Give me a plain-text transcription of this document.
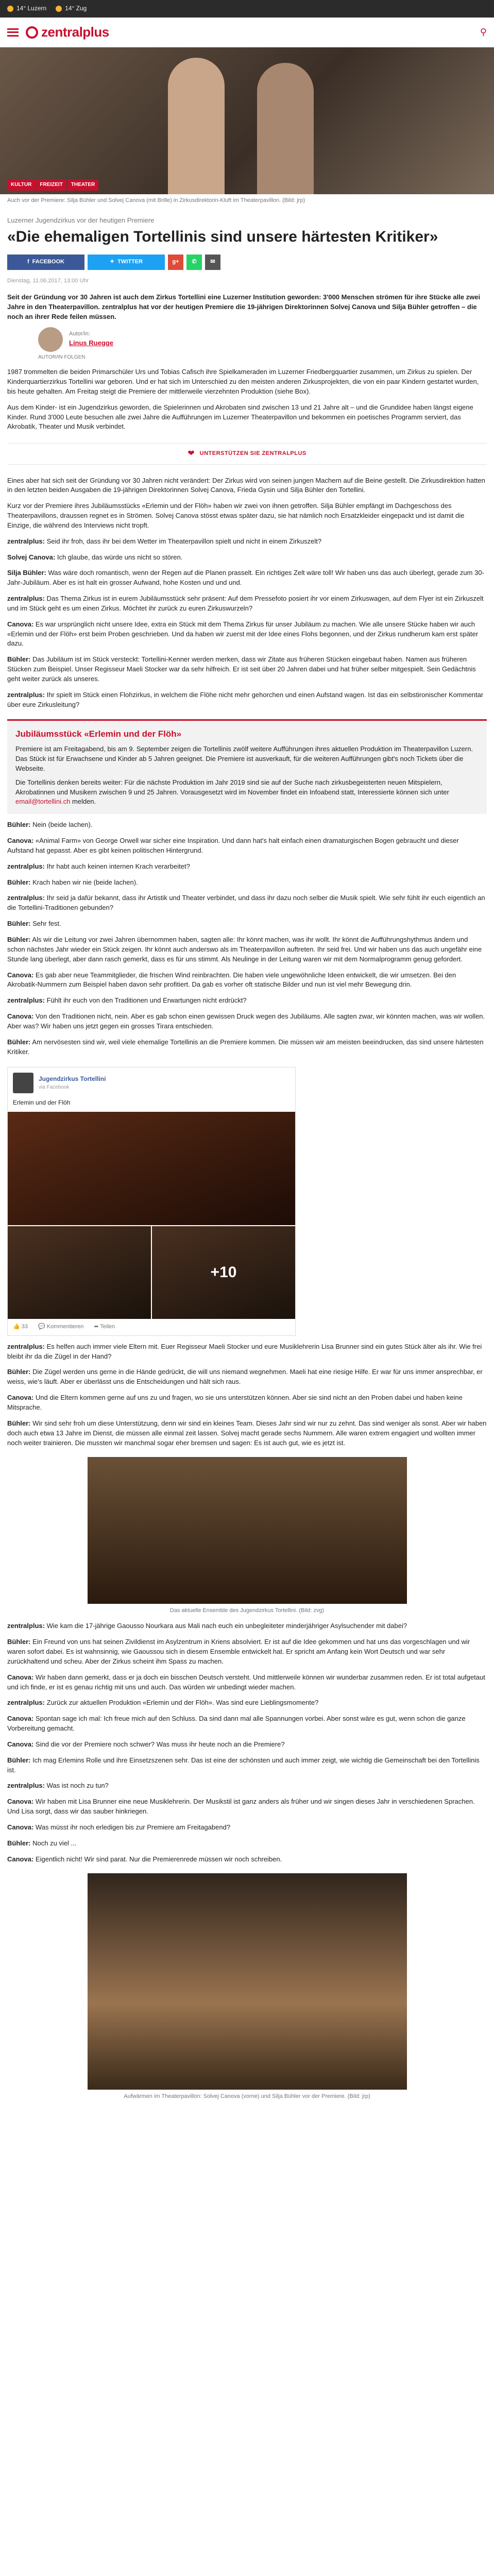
14° Luzern	14° Zug
zentralplus	⚲
KULTUR	FREIZEIT	THEATER
Auch vor der Premiere: Silja Bühler und Solvej Canova (mit Brille) in Zirkusdirektorin-Kluft im Theaterpavillon. (Bild: jrp)
Luzerner Jugendzirkus vor der heutigen Premiere
«Die ehemaligen Tortellinis sind unsere härtesten Kritiker»
f FACEBOOK	✦ TWITTER	g+ ✆ ✉
Dienstag, 11.06.2017, 13:00 Uhr
Seit der Gründung vor 30 Jahren ist auch dem Zirkus Tortellini eine Luzerner Institution geworden: 3'000 Menschen strömen für ihre Stücke alle zwei Jahre in den Theaterpavillon. zentralplus hat vor der heutigen Premiere die 19-jährigen Direktorinnen Solvej Canova und Silja Bühler getroffen – die noch an ihrer Rede feilen müssen.
Autor/in:
Linus Ruegge
AUTOR/IN FOLGEN

1987 trommelten die beiden Primarschüler Urs und Tobias Cafisch ihre Spielkameraden im Luzerner Friedbergquartier zusammen, um Zirkus zu spielen. Der Kinderquartierzirkus Tortellini war geboren. Und er hat sich im Unterschied zu den meisten anderen Zirkusprojekten, die von ein paar Kindern gestartet wurden, bis heute gehalten. Am Freitag steigt die Premiere der mittlerweile vierzehnten Produktion (siehe Box).

Aus dem Kinder- ist ein Jugendzirkus geworden, die Spielerinnen und Akrobaten sind zwischen 13 und 21 Jahre alt – und die Grundidee haben längst eigene Kinder. Rund 3'000 Leute besuchen alle zwei Jahre die Aufführungen im Luzerner Theaterpavillon und bekommen ein poetisches Programm serviert, das Akrobatik, Theater und Musik verbindet.

❤ UNTERSTÜTZEN SIE ZENTRALPLUS

Eines aber hat sich seit der Gründung vor 30 Jahren nicht verändert: Der Zirkus wird von seinen jungen Machern auf die Beine gestellt. Die Zirkusdirektion hatten in den letzten beiden Ausgaben die 19-jährigen Direktorinnen Solvej Canova, Frieda Gysin und Silja Bühler den Tortellini.

Kurz vor der Premiere ihres Jubiläumsstücks «Erlemin und der Flöh» haben wir zwei von ihnen getroffen. Silja Bühler empfängt im Dachgeschoss des Theaterpavillons, draussen regnet es in Strömen. Solvej Canova stösst etwas später dazu, sie hat nämlich noch Ersatzkleider eingepackt und ist damit die Einzige, die während des Interviews nicht tropft.

zentralplus: Seid ihr froh, dass ihr bei dem Wetter im Theaterpavillon spielt und nicht in einem Zirkuszelt?

Solvej Canova: Ich glaube, das würde uns nicht so stören.

Silja Bühler: Was wäre doch romantisch, wenn der Regen auf die Planen prasselt. Ein richtiges Zelt wäre toll! Wir haben uns das auch überlegt, gerade zum 30-Jahr-Jubiläum. Aber es ist halt ein grosser Aufwand, hohe Kosten und und und.

zentralplus: Das Thema Zirkus ist in eurem Jubiläumsstück sehr präsent: Auf dem Pressefoto posiert ihr vor einem Zirkuswagen, auf dem Flyer ist ein Zirkuszelt und im Stück geht es um einen Zirkus. Möchtet ihr zurück zu euren Zirkuswurzeln?

Canova: Es war ursprünglich nicht unsere Idee, extra ein Stück mit dem Thema Zirkus für unser Jubiläum zu machen. Wie alle unsere Stücke haben wir auch «Erlemin und der Flöh» erst beim Proben geschrieben. Und da haben wir zuerst mit der Idee eines Flohs begonnen, und der Zirkus rundherum kam erst später dazu.

Bühler: Das Jubiläum ist im Stück versteckt: Tortellini-Kenner werden merken, dass wir Zitate aus früheren Stücken eingebaut haben. Namen aus früheren Stücken zum Beispiel. Unser Regisseur Maeli Stocker war da sehr hilfreich. Er ist seit über 20 Jahren dabei und hat früher selber mitgespielt. Sein Gedächtnis geht weiter zurück als unseres.

zentralplus: Ihr spielt im Stück einen Flohzirkus, in welchem die Flöhe nicht mehr gehorchen und einen Aufstand wagen. Ist das ein selbstironischer Kommentar über eure Zirkusleitung?

Jubiläumsstück «Erlemin und der Flöh»

Premiere ist am Freitagabend, bis am 9. September zeigen die Tortellinis zwölf weitere Aufführungen ihres aktuellen Produktion im Theaterpavillon Luzern. Das Stück ist für Erwachsene und Kinder ab 5 Jahren geeignet. Die Premiere ist ausverkauft, für die weiteren Aufführungen gibt's noch Tickets über die Webseite.

Die Tortellinis denken bereits weiter: Für die nächste Produktion im Jahr 2019 sind sie auf der Suche nach zirkusbegeisterten neuen Mitspielern, Akrobatinnen und Musikern zwischen 9 und 25 Jahren. Vorausgesetzt wird im November findet ein Infoabend statt, Interessierte können sich unter email@tortellini.ch melden.

Bühler: Nein (beide lachen).

Canova: «Animal Farm» von George Orwell war sicher eine Inspiration. Und dann hat's halt einfach einen dramaturgischen Bogen gebraucht und dieser Aufstand hat gepasst. Aber es gibt keinen politischen Hintergrund.

zentralplus: Ihr habt auch keinen internen Krach verarbeitet?

Bühler: Krach haben wir nie (beide lachen).

zentralplus: Ihr seid ja dafür bekannt, dass ihr Artistik und Theater verbindet, und dass ihr dazu noch selber die Musik spielt. Wie sehr fühlt ihr euch eigentlich an die Tortellini-Traditionen gebunden?

Bühler: Sehr fest.

Bühler: Als wir die Leitung vor zwei Jahren übernommen haben, sagten alle: Ihr könnt machen, was ihr wollt. Ihr könnt die Aufführungshythmus ändern und schon nächstes Jahr wieder ein Stück zeigen. Ihr könnt auch anderswo als im Theaterpavillon auftreten. Ihr seid frei. Und wir haben uns das auch ungefähr eine Stunde lang überlegt, aber dann rasch gemerkt, dass es für uns stimmt. Als Neulinge in der Leitung waren wir mit dem Normalprogramm genug gefordert.

Canova: Es gab aber neue Teammitglieder, die frischen Wind reinbrachten. Die haben viele ungewöhnliche Ideen entwickelt, die wir umsetzen. Bei den Akrobatik-Nummern zum Beispiel haben davon sehr profitiert. Da gab es vorher oft statische Bilder und nun ist viel mehr Bewegung drin.

zentralplus: Fühlt ihr euch von den Traditionen und Erwartungen nicht erdrückt?

Canova: Von den Traditionen nicht, nein. Aber es gab schon einen gewissen Druck wegen des Jubiläums. Alle sagten zwar, wir könnten machen, was wir wollen. Aber was? Wir haben uns jetzt gegen ein grosses Tirara entschieden.

Bühler: Am nervösesten sind wir, weil viele ehemalige Tortellinis an die Premiere kommen. Die müssen wir am meisten beeindrucken, das sind unsere härtesten Kritiker.

Jugendzirkus Tortellini
via Facebook
Erlemin und der Flöh
+10
👍 33 💬 Kommentieren ➦ Teilen

zentralplus: Es helfen auch immer viele Eltern mit. Euer Regisseur Maeli Stocker und eure Musiklehrerin Lisa Brunner sind ein gutes Stück älter als ihr. Wie frei bleibt ihr da die Zügel in der Hand?

Bühler: Die Zügel werden uns gerne in die Hände gedrückt, die will uns niemand wegnehmen. Maeli hat eine riesige Hilfe. Er war für uns immer ansprechbar, er weiss, wie's läuft. Aber er überlässt uns die Entscheidungen und hält sich raus.

Canova: Und die Eltern kommen gerne auf uns zu und fragen, wo sie uns unterstützen können. Aber sie sind nicht an den Proben dabei und haben keine Mitsprache.

Bühler: Wir sind sehr froh um diese Unterstützung, denn wir sind ein kleines Team. Dieses Jahr sind wir nur zu zehnt. Das sind weniger als sonst. Aber wir haben doch auch etwa 13 Jahre im Dienst, die müssen alle einmal zeit lassen. Solvej macht gerade sechs Nummern. Alle waren extrem engagiert und wollten immer noch weiter trainieren. Die mussten wir manchmal sogar eher bremsen und sagen: Es ist auch gut, wie es jetzt ist.

Das aktuelle Ensemble des Jugendzirkus Tortellini. (Bild: zvg)

zentralplus: Wie kam die 17-jährige Gaousso Nourkara aus Mali nach euch ein unbegleiteter minderjähriger Asylsuchender mit dabei?

Bühler: Ein Freund von uns hat seinen Zivildienst im Asylzentrum in Kriens absolviert. Er ist auf die Idee gekommen und hat uns das vorgeschlagen und wir waren sofort dabei. Es ist wahnsinnig, wie Gaoussou sich in diesem Ensemble entwickelt hat. Er spricht am Anfang kein Wort Deutsch und war sehr zurückhaltend und scheu. Aber der Zirkus scheint ihm Spass zu machen.

Canova: Wir haben dann gemerkt, dass er ja doch ein bisschen Deutsch versteht. Und mittlerweile können wir wunderbar zusammen reden. Er ist total aufgetaut und ich finde, er ist es genau richtig mit uns und auch. Das würden wir unbedingt wieder machen.

zentralplus: Zurück zur aktuellen Produktion «Erlemin und der Flöh». Was sind eure Lieblingsmomente?

Canova: Spontan sage ich mal: Ich freue mich auf den Schluss. Da sind dann mal alle Spannungen vorbei. Aber sonst wäre es gut, wenn schon die ganze Vorbereitung gemacht.

Canova: Sind die vor der Premiere noch schwer? Was muss ihr heute noch an die Premiere?

Bühler: Ich mag Erlemins Rolle und ihre Einsetzszenen sehr. Das ist eine der schönsten und auch immer zeigt, wie wichtig die Gemeinschaft bei den Tortellinis ist.

zentralplus: Was ist noch zu tun?

Canova: Wir haben mit Lisa Brunner eine neue Musiklehrerin. Der Musikstil ist ganz anders als früher und wir singen dieses Jahr in verschiedenen Sprachen. Und Lisa sorgt, dass wir das sauber hinkriegen.

Canova: Was müsst ihr noch erledigen bis zur Premiere am Freitagabend?

Bühler: Noch zu viel ...

Canova: Eigentlich nicht! Wir sind parat. Nur die Premierenrede müssen wir noch schreiben.

Aufwärmen im Theaterpavillon: Solvej Canova (vorne) und Silja Bühler vor der Premiere. (Bild: jrp)
